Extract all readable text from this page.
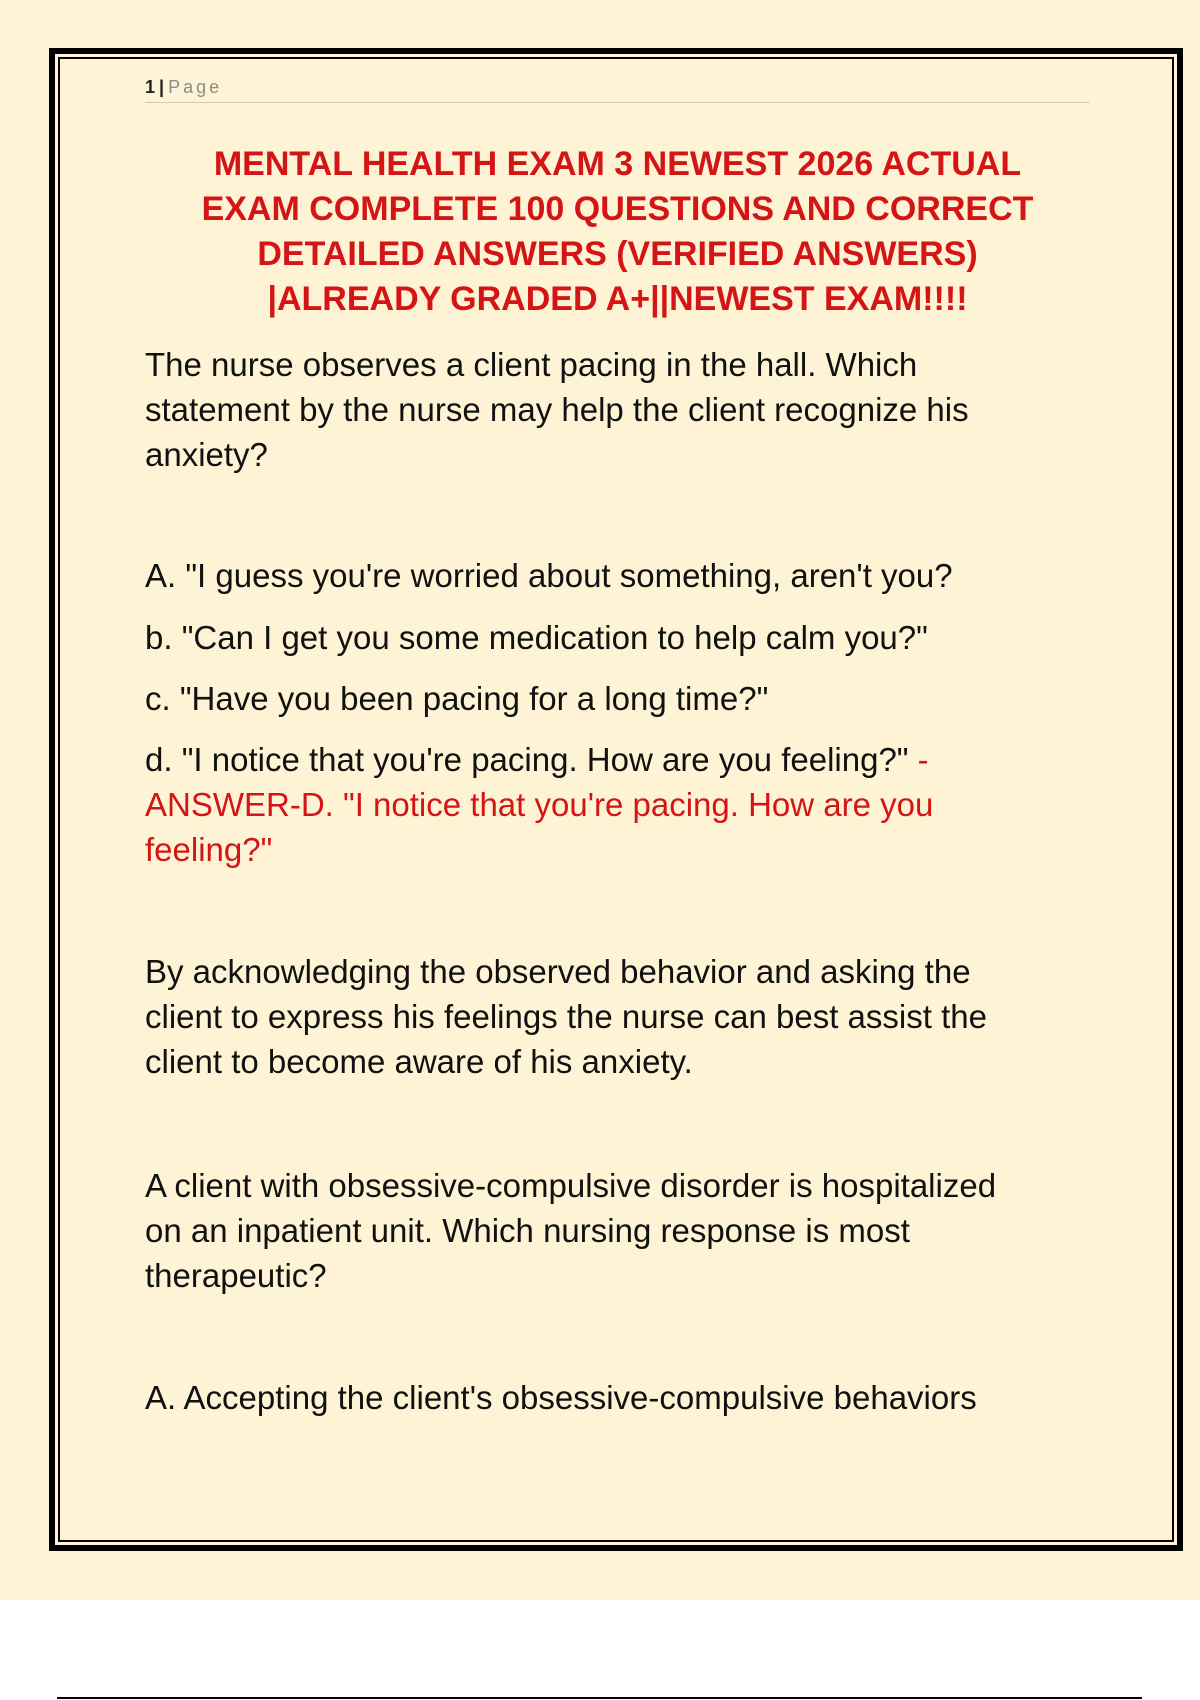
1 | Page
MENTAL HEALTH EXAM 3 NEWEST 2026 ACTUAL
EXAM COMPLETE 100 QUESTIONS AND CORRECT
DETAILED ANSWERS (VERIFIED ANSWERS)
|ALREADY GRADED A+||NEWEST EXAM!!!!
The nurse observes a client pacing in the hall. Which
statement by the nurse may help the client recognize his
anxiety?
A. "I guess you're worried about something, aren't you?
b. "Can I get you some medication to help calm you?"
c. "Have you been pacing for a long time?"
d. "I notice that you're pacing. How are you feeling?" -
ANSWER-D. "I notice that you're pacing. How are you
feeling?"
By acknowledging the observed behavior and asking the
client to express his feelings the nurse can best assist the
client to become aware of his anxiety.
A client with obsessive-compulsive disorder is hospitalized
on an inpatient unit. Which nursing response is most
therapeutic?
A. Accepting the client's obsessive-compulsive behaviors
